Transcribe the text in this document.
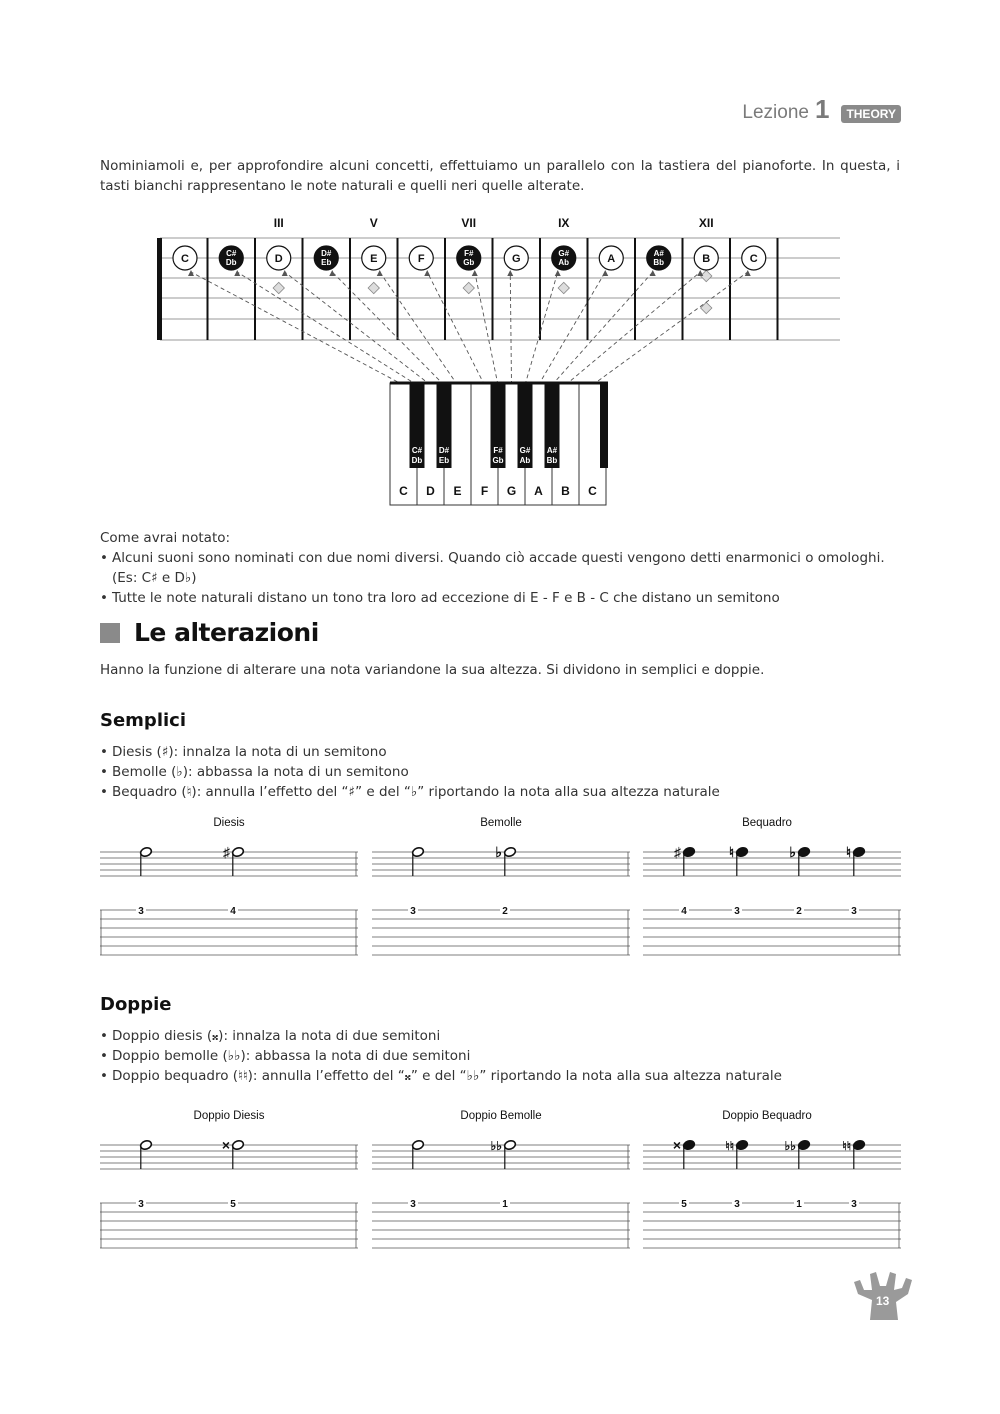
Lezione 1	THEORY
Nominiamoli e, per approfondire alcuni concetti, effettuiamo un parallelo con la tastiera del pianoforte. In questa, i tasti bianchi rappresentano le note naturali e quelli neri quelle alterate.
III	V	VII	IX	XII
C	C#
Db	D	D#
Eb	E	F	F#
Gb	G	G#
Ab	A	A#
Bb	B	C
C D E F G A B C
C#
Db
D#
Eb
F#
Gb
G#
Ab
A#
Bb
Come avrai notato:
• Alcuni suoni sono nominati con due nomi diversi. Quando ciò accade questi vengono detti enarmonici o omologhi. (Es: C♯ e D♭)
• Tutte le note naturali distano un tono tra loro ad eccezione di E - F e B - C che distano un semitono
Le alterazioni
Hanno la funzione di alterare una nota variandone la sua altezza. Si dividono in semplici e doppie.
Semplici
• Diesis (♯): innalza la nota di un semitono
• Bemolle (♭): abbassa la nota di un semitono
• Bequadro (♮): annulla l’effetto del “♯” e del “♭” riportando la nota alla sua altezza naturale
Diesis
♯
3	4
Bemolle
♭
3	2
Bequadro
♯	♮	♭	♮
4	3	2	3
Doppie
• Doppio diesis (𝄪): innalza la nota di due semitoni
• Doppio bemolle (♭♭): abbassa la nota di due semitoni
• Doppio bequadro (♮♮): annulla l’effetto del “𝄪” e del “♭♭” riportando la nota alla sua altezza naturale
Doppio Diesis
×
3	5
Doppio Bemolle
♭♭
3	1
Doppio Bequadro
×	♮♮	♭♭	♮♮
5	3	1	3
13
